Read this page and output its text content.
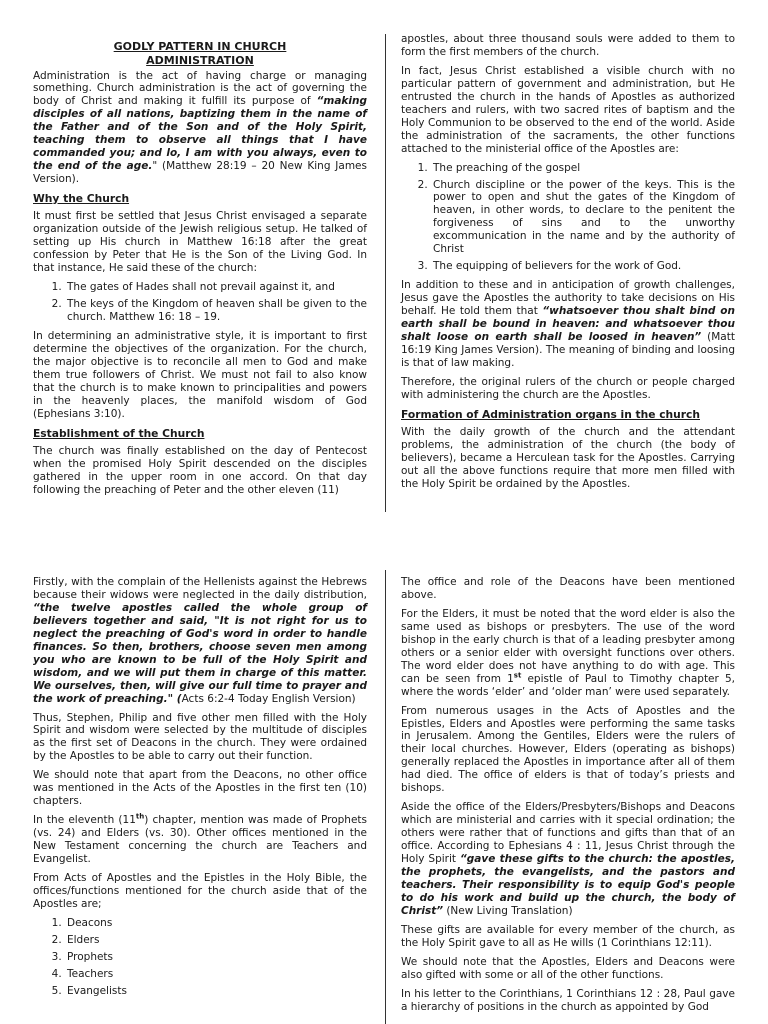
GODLY PATTERN IN CHURCH
ADMINISTRATION

Administration is the act of having charge or managing something. Church administration is the act of governing the body of Christ and making it fulfill its purpose of “making disciples of all nations, baptizing them in the name of the Father and of the Son and of the Holy Spirit, teaching them to observe all things that I have commanded you; and lo, I am with you always, even to the end of the age." (Matthew 28:19 – 20 New King James Version).

Why the Church

It must first be settled that Jesus Christ envisaged a separate organization outside of the Jewish religious setup. He talked of setting up His church in Matthew 16:18 after the great confession by Peter that He is the Son of the Living God. In that instance, He said these of the church:

1. The gates of Hades shall not prevail against it, and
2. The keys of the Kingdom of heaven shall be given to the church. Matthew 16: 18 – 19.

In determining an administrative style, it is important to first determine the objectives of the organization. For the church, the major objective is to reconcile all men to God and make them true followers of Christ. We must not fail to also know that the church is to make known to principalities and powers in the heavenly places, the manifold wisdom of God (Ephesians 3:10).

Establishment of the Church

The church was finally established on the day of Pentecost when the promised Holy Spirit descended on the disciples gathered in the upper room in one accord. On that day following the preaching of Peter and the other eleven (11)

apostles, about three thousand souls were added to them to form the first members of the church.

In fact, Jesus Christ established a visible church with no particular pattern of government and administration, but He entrusted the church in the hands of Apostles as authorized teachers and rulers, with two sacred rites of baptism and the Holy Communion to be observed to the end of the world. Aside the administration of the sacraments, the other functions attached to the ministerial office of the Apostles are:

1. The preaching of the gospel
2. Church discipline or the power of the keys. This is the power to open and shut the gates of the Kingdom of heaven, in other words, to declare to the penitent the forgiveness of sins and to the unworthy excommunication in the name and by the authority of Christ
3. The equipping of believers for the work of God.

In addition to these and in anticipation of growth challenges, Jesus gave the Apostles the authority to take decisions on His behalf. He told them that “whatsoever thou shalt bind on earth shall be bound in heaven: and whatsoever thou shalt loose on earth shall be loosed in heaven” (Matt 16:19 King James Version). The meaning of binding and loosing is that of law making.

Therefore, the original rulers of the church or people charged with administering the church are the Apostles.

Formation of Administration organs in the church

With the daily growth of the church and the attendant problems, the administration of the church (the body of believers), became a Herculean task for the Apostles. Carrying out all the above functions require that more men filled with the Holy Spirit be ordained by the Apostles.

Firstly, with the complain of the Hellenists against the Hebrews because their widows were neglected in the daily distribution, “the twelve apostles called the whole group of believers together and said, "It is not right for us to neglect the preaching of God's word in order to handle finances. So then, brothers, choose seven men among you who are known to be full of the Holy Spirit and wisdom, and we will put them in charge of this matter. We ourselves, then, will give our full time to prayer and the work of preaching." (Acts 6:2-4 Today English Version)

Thus, Stephen, Philip and five other men filled with the Holy Spirit and wisdom were selected by the multitude of disciples as the first set of Deacons in the church. They were ordained by the Apostles to be able to carry out their function.

We should note that apart from the Deacons, no other office was mentioned in the Acts of the Apostles in the first ten (10) chapters.

In the eleventh (11th) chapter, mention was made of Prophets (vs. 24) and Elders (vs. 30). Other offices mentioned in the New Testament concerning the church are Teachers and Evangelist.

From Acts of Apostles and the Epistles in the Holy Bible, the offices/functions mentioned for the church aside that of the Apostles are;

1. Deacons
2. Elders
3. Prophets
4. Teachers
5. Evangelists

The office and role of the Deacons have been mentioned above.

For the Elders, it must be noted that the word elder is also the same used as bishops or presbyters. The use of the word bishop in the early church is that of a leading presbyter among others or a senior elder with oversight functions over others. The word elder does not have anything to do with age. This can be seen from 1st epistle of Paul to Timothy chapter 5, where the words ‘elder’ and ‘older man’ were used separately.

From numerous usages in the Acts of Apostles and the Epistles, Elders and Apostles were performing the same tasks in Jerusalem. Among the Gentiles, Elders were the rulers of their local churches. However, Elders (operating as bishops) generally replaced the Apostles in importance after all of them had died. The office of elders is that of today’s priests and bishops.

Aside the office of the Elders/Presbyters/Bishops and Deacons which are ministerial and carries with it special ordination; the others were rather that of functions and gifts than that of an office. According to Ephesians 4 : 11, Jesus Christ through the Holy Spirit “gave these gifts to the church: the apostles, the prophets, the evangelists, and the pastors and teachers. Their responsibility is to equip God's people to do his work and build up the church, the body of Christ” (New Living Translation)

These gifts are available for every member of the church, as the Holy Spirit gave to all as He wills (1 Corinthians 12:11).

We should note that the Apostles, Elders and Deacons were also gifted with some or all of the other functions.

In his letter to the Corinthians, 1 Corinthians 12 : 28, Paul gave a hierarchy of positions in the church as appointed by God
